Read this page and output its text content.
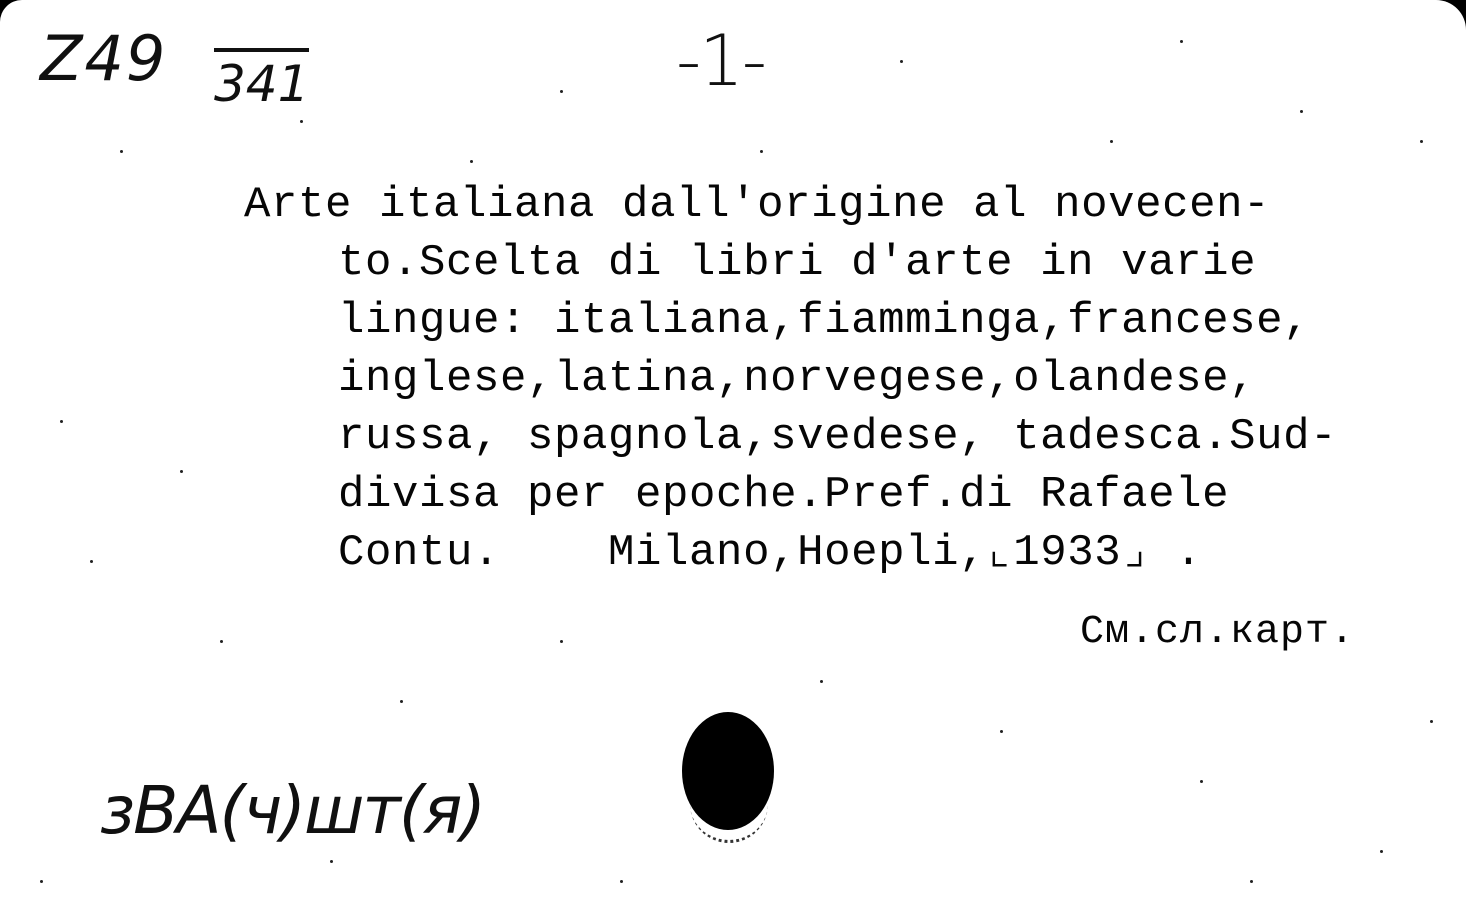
Z49 341	-1-
Arte italiana dall'origine al novecen-
to.Scelta di libri d'arte in varie
lingue: italiana,fiamminga,francese,
inglese,latina,norvegese,olandese,
russa, spagnola,svedese, tadesca.Sud-
divisa per epoche.Pref.di Rafaele
Contu.    Milano,Hoepli,⌞1933⌟ .
См.сл.карт.
зВА(ч)шт(я)
